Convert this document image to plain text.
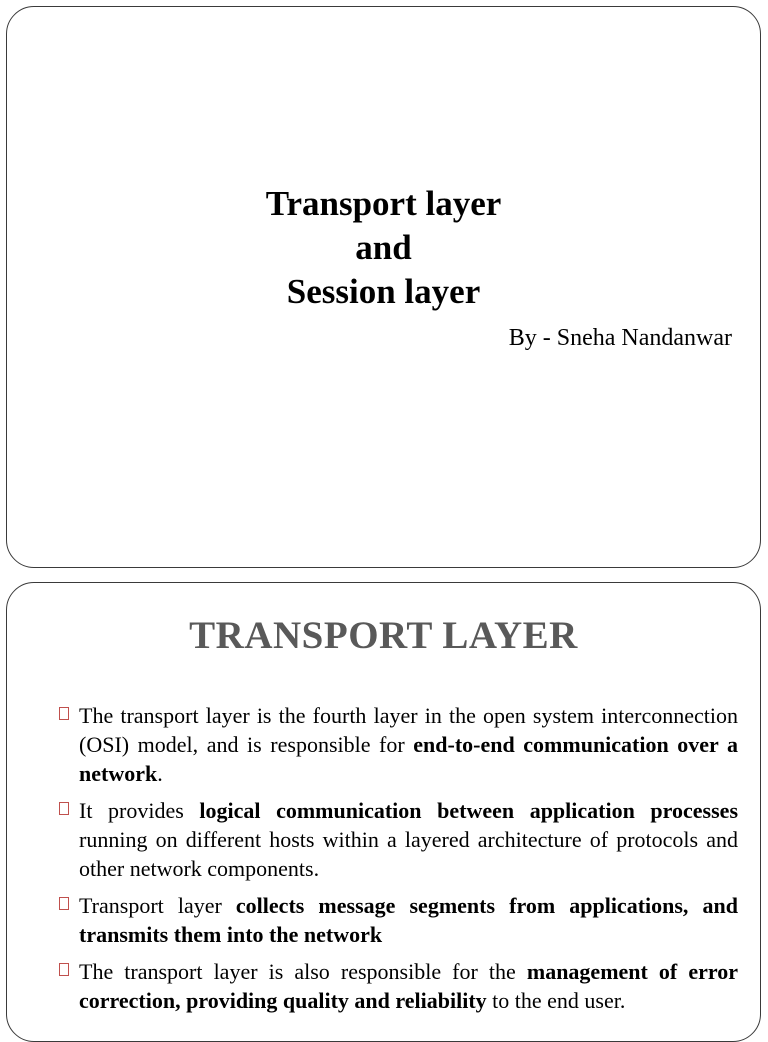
Transport layer
and
Session layer
By - Sneha Nandanwar
TRANSPORT LAYER
The transport layer is the fourth layer in the open system interconnection (OSI) model, and is responsible for end-to-end communication over a network.
It provides logical communication between application processes running on different hosts within a layered architecture of protocols and other network components.
Transport layer collects message segments from applications, and transmits them into the network
The transport layer is also responsible for the management of error correction, providing quality and reliability to the end user.
